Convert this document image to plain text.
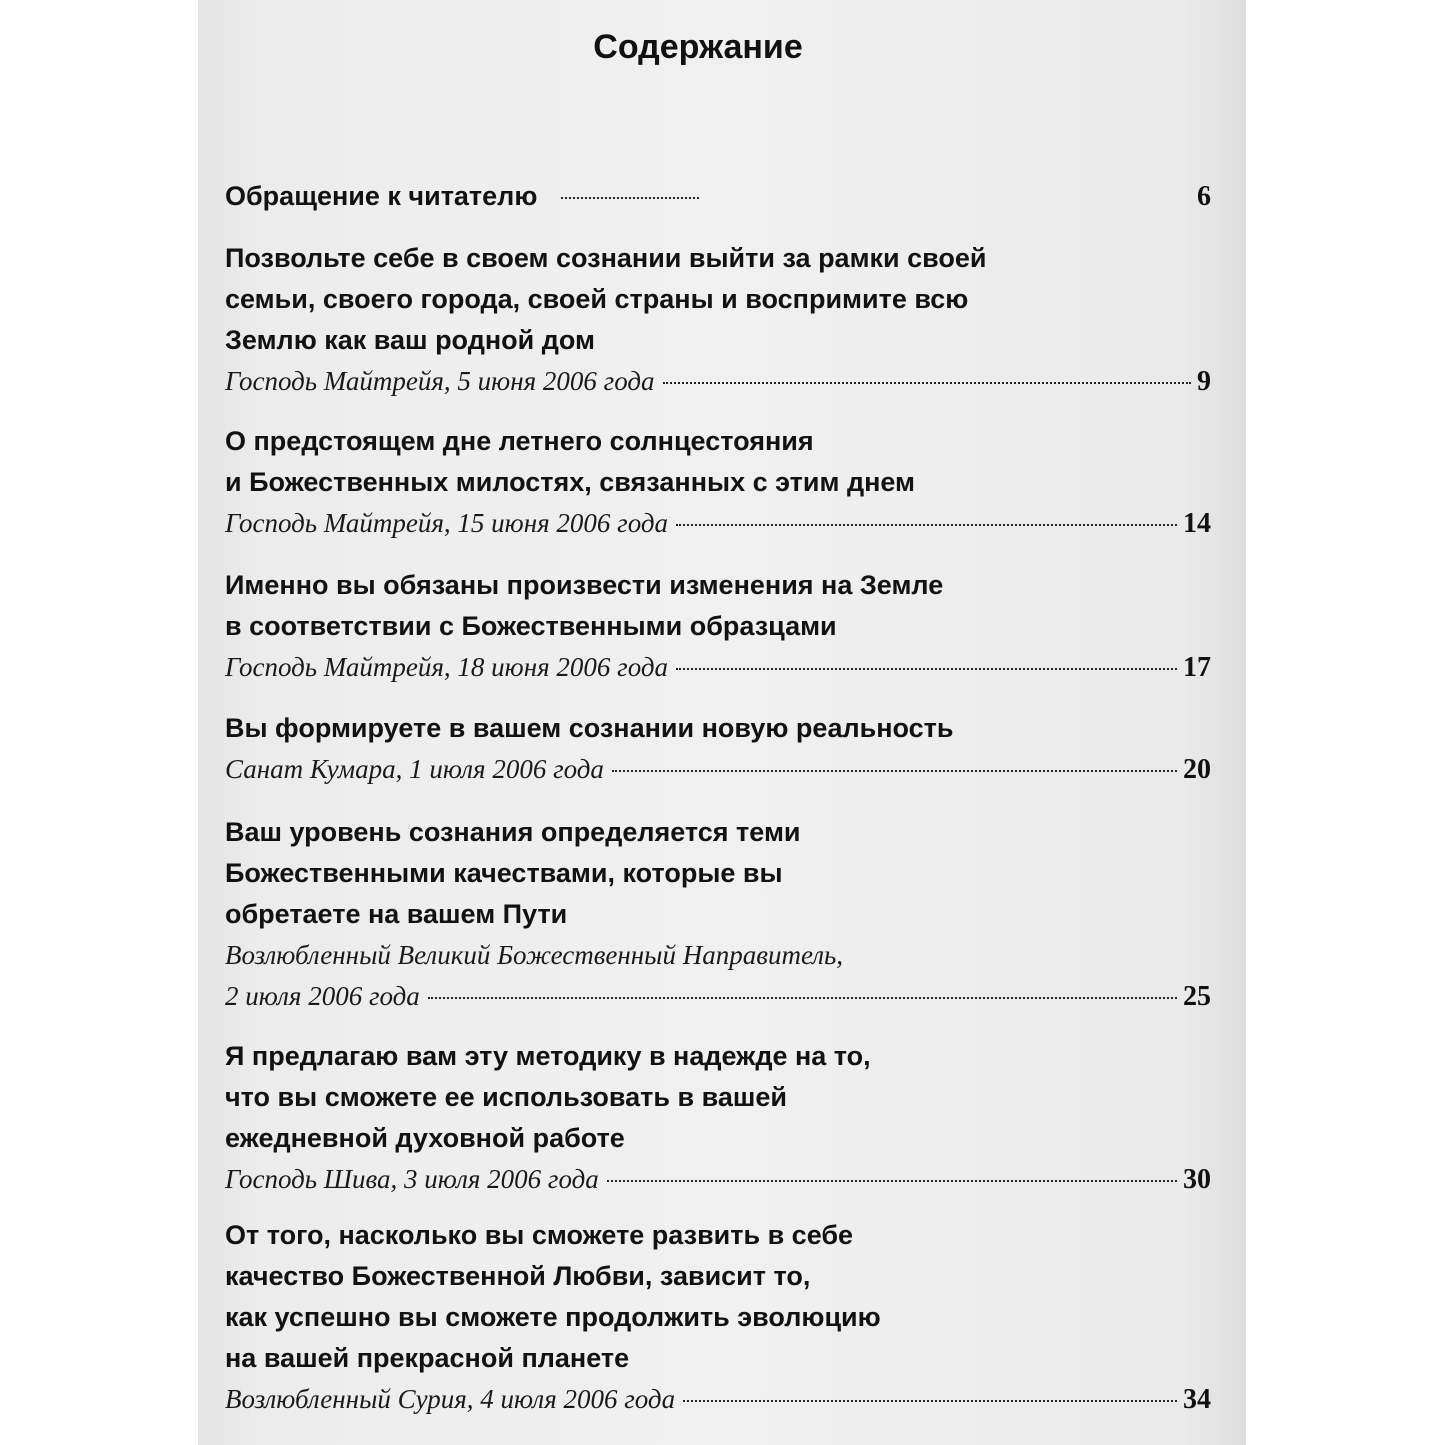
Содержание
Обращение к читателю	6
Позвольте себе в своем сознании выйти за рамки своей
семьи, своего города, своей страны и воспримите всю
Землю как ваш родной дом
Господь Майтрейя, 5 июня 2006 года	9
О предстоящем дне летнего солнцестояния
и Божественных милостях, связанных с этим днем
Господь Майтрейя, 15 июня 2006 года	14
Именно вы обязаны произвести изменения на Земле
в соответствии с Божественными образцами
Господь Майтрейя, 18 июня 2006 года	17
Вы формируете в вашем сознании новую реальность
Санат Кумара, 1 июля 2006 года	20
Ваш уровень сознания определяется теми
Божественными качествами, которые вы
обретаете на вашем Пути
Возлюбленный Великий Божественный Направитель,
2 июля 2006 года	25
Я предлагаю вам эту методику в надежде на то,
что вы сможете ее использовать в вашей
ежедневной духовной работе
Господь Шива, 3 июля 2006 года	30
От того, насколько вы сможете развить в себе
качество Божественной Любви, зависит то,
как успешно вы сможете продолжить эволюцию
на вашей прекрасной планете
Возлюбленный Сурия, 4 июля 2006 года	34
